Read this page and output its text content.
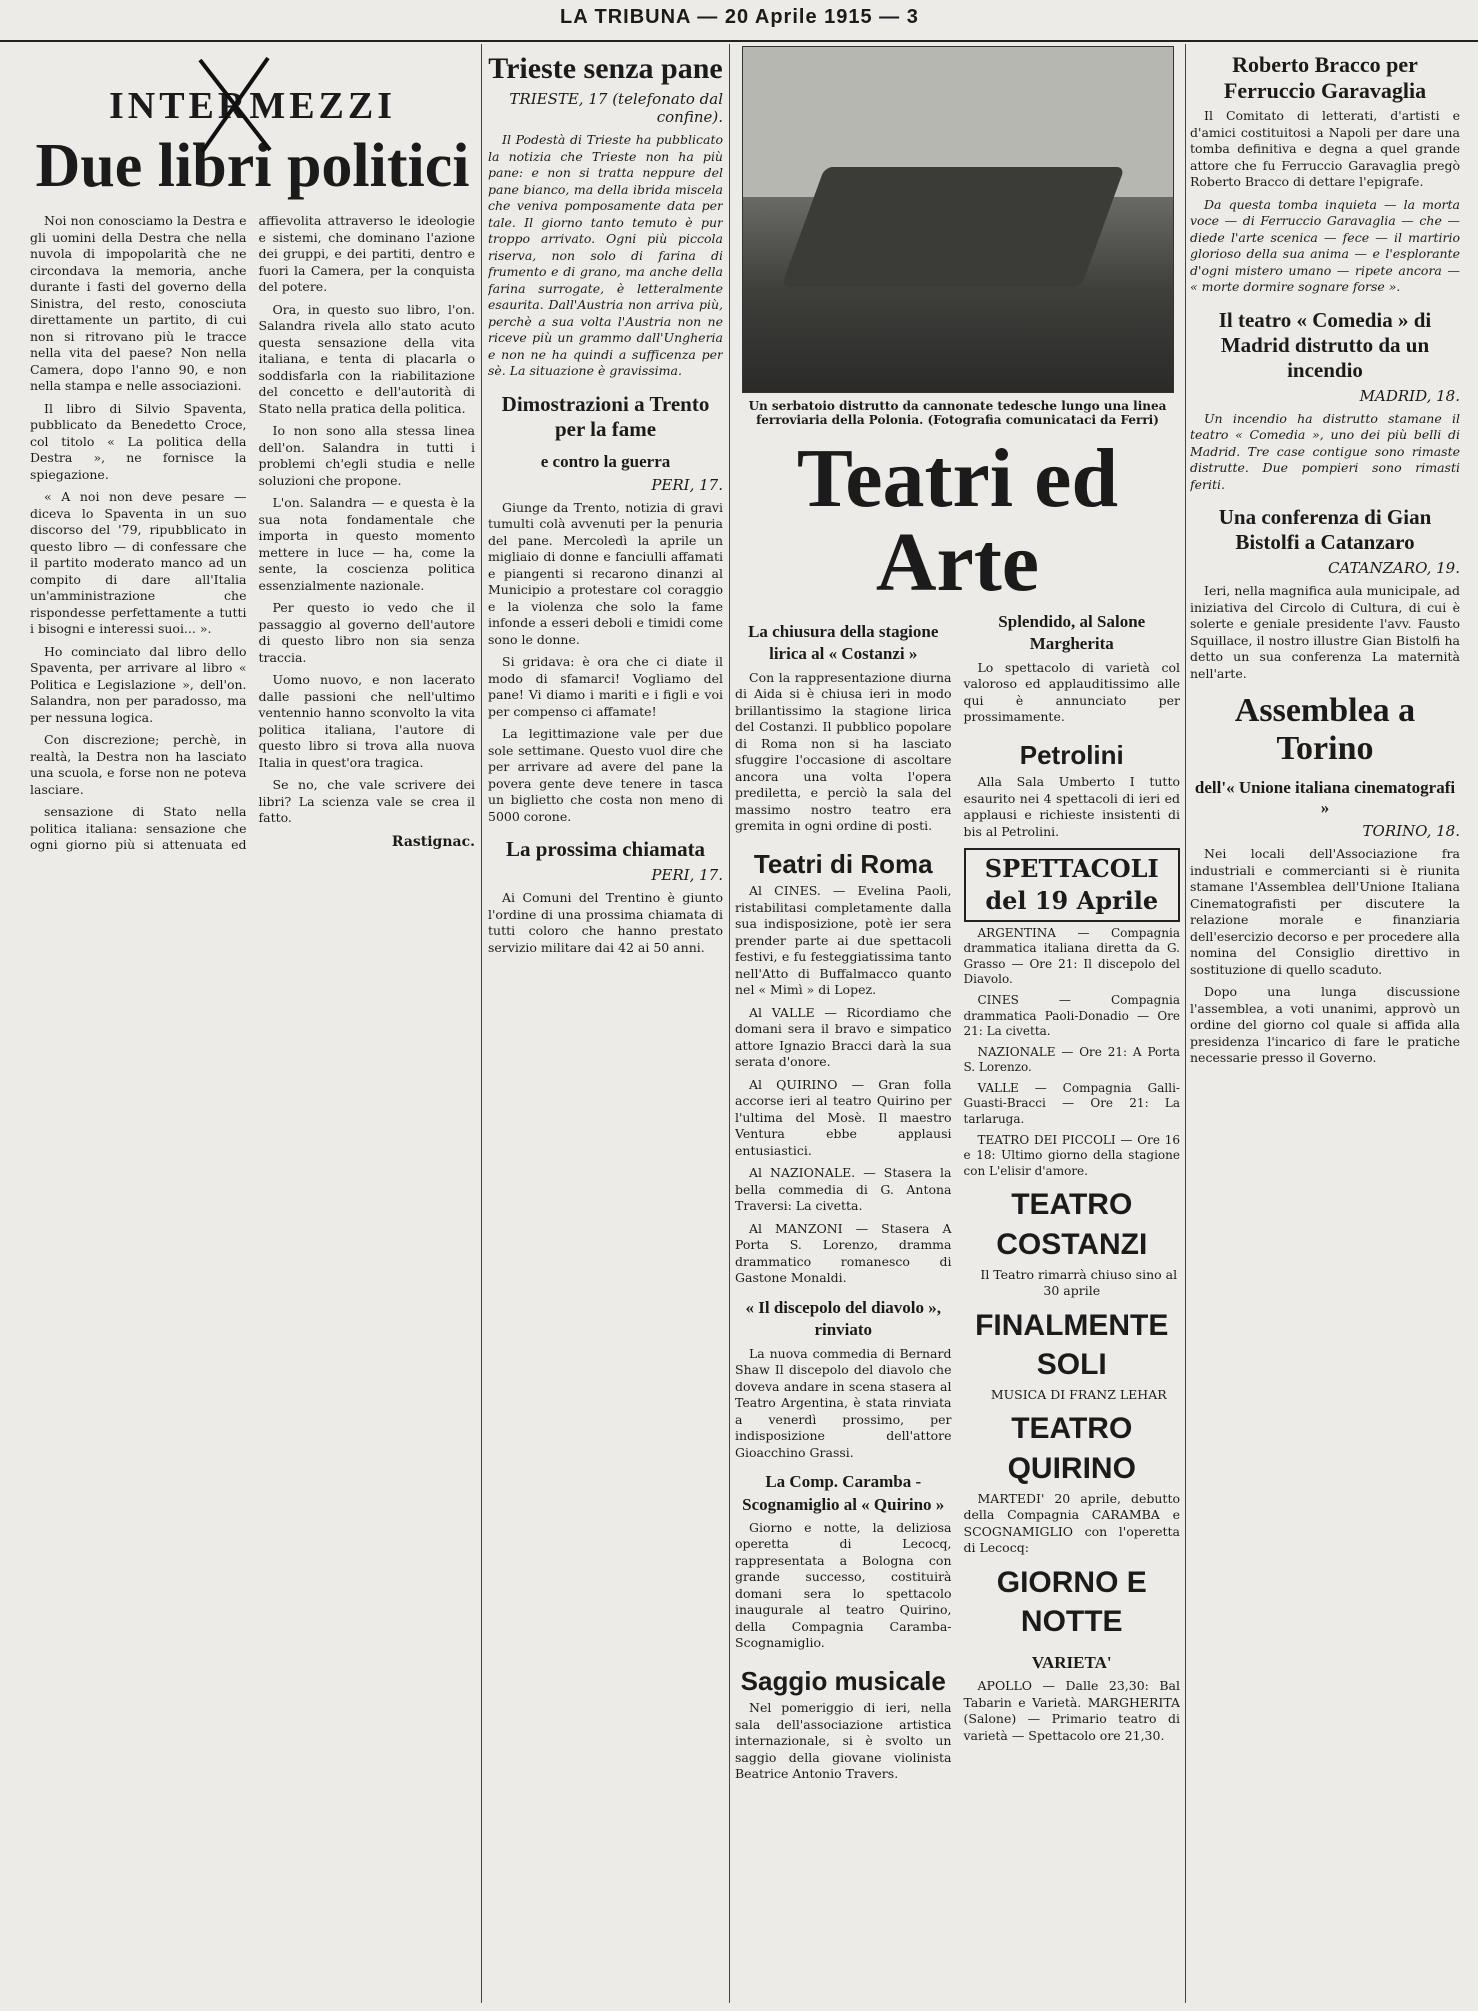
LA TRIBUNA — 20 Aprile 1915 — 3
INTERMEZZI
Due libri politici

Noi non conosciamo la Destra e gli uomini della Destra che nella nuvola di impopolarità che ne circondava la memoria, anche durante i fasti del governo della Sinistra, del resto, conosciuta direttamente un partito, di cui non si ritrovano più le tracce nella vita del paese? Non nella Camera, dopo l'anno 90, e non nella stampa e nelle associazioni.

Il libro di Silvio Spaventa, pubblicato da Benedetto Croce, col titolo « La politica della Destra », ne fornisce la spiegazione.

« A noi non deve pesare — diceva lo Spaventa in un suo discorso del '79, ripubblicato in questo libro — di confessare che il partito moderato manco ad un compito di dare all'Italia un'amministrazione che rispondesse perfettamente a tutti i bisogni e interessi suoi... ».

Ho cominciato dal libro dello Spaventa, per arrivare al libro « Politica e Legislazione », dell'on. Salandra, non per paradosso, ma per nessuna logica.

Con discrezione; perchè, in realtà, la Destra non ha lasciato una scuola, e forse non ne poteva lasciare.

sensazione di Stato nella politica italiana: sensazione che ogni giorno più si attenuata ed affievolita attraverso le ideologie e sistemi, che dominano l'azione dei gruppi, e dei partiti, dentro e fuori la Camera, per la conquista del potere.

Ora, in questo suo libro, l'on. Salandra rivela allo stato acuto questa sensazione della vita italiana, e tenta di placarla o soddisfarla con la riabilitazione del concetto e dell'autorità di Stato nella pratica della politica.

Io non sono alla stessa linea dell'on. Salandra in tutti i problemi ch'egli studia e nelle soluzioni che propone.

L'on. Salandra — e questa è la sua nota fondamentale che importa in questo momento mettere in luce — ha, come la sente, la coscienza politica essenzialmente nazionale.

Per questo io vedo che il passaggio al governo dell'autore di questo libro non sia senza traccia.

Uomo nuovo, e non lacerato dalle passioni che nell'ultimo ventennio hanno sconvolto la vita politica italiana, l'autore di questo libro si trova alla nuova Italia in quest'ora tragica.

Se no, che vale scrivere dei libri? La scienza vale se crea il fatto.

Rastignac.
Trieste senza pane
TRIESTE, 17 (telefonato dal confine).

Il Podestà di Trieste ha pubblicato la notizia che Trieste non ha più pane: e non si tratta neppure del pane bianco, ma della ibrida miscela che veniva pomposamente data per tale. Il giorno tanto temuto è pur troppo arrivato. Ogni più piccola riserva, non solo di farina di frumento e di grano, ma anche della farina surrogate, è letteralmente esaurita. Dall'Austria non arriva più, perchè a sua volta l'Austria non ne riceve più un grammo dall'Ungheria e non ne ha quindi a sufficenza per sè. La situazione è gravissima.

Dimostrazioni a Trento per la fame
e contro la guerra
PERI, 17.

Giunge da Trento, notizia di gravi tumulti colà avvenuti per la penuria del pane. Mercoledì la aprile un migliaio di donne e fanciulli affamati e piangenti si recarono dinanzi al Municipio a protestare col coraggio e la violenza che solo la fame infonde a esseri deboli e timidi come sono le donne.

Si gridava: è ora che ci diate il modo di sfamarci! Vogliamo del pane! Vi diamo i mariti e i figli e voi per compenso ci affamate!

La legittimazione vale per due sole settimane. Questo vuol dire che per arrivare ad avere del pane la povera gente deve tenere in tasca un biglietto che costa non meno di 5000 corone.

La prossima chiamata
PERI, 17.

Ai Comuni del Trentino è giunto l'ordine di una prossima chiamata di tutti coloro che hanno prestato servizio militare dai 42 ai 50 anni.

Un serbatoio distrutto da cannonate tedesche lungo una linea ferroviaria della Polonia. (Fotografia comunicataci da Ferri)
Teatri ed Arte
La chiusura della stagione lirica al « Costanzi »

Con la rappresentazione diurna di Aida si è chiusa ieri in modo brillantissimo la stagione lirica del Costanzi. Il pubblico popolare di Roma non si ha lasciato sfuggire l'occasione di ascoltare ancora una volta l'opera prediletta, e perciò la sala del massimo nostro teatro era gremita in ogni ordine di posti.

Teatri di Roma

Al CINES. — Evelina Paoli, ristabilitasi completamente dalla sua indisposizione, potè ier sera prender parte ai due spettacoli festivi, e fu festeggiatissima tanto nell'Atto di Buffalmacco quanto nel « Mimì » di Lopez.

Al VALLE — Ricordiamo che domani sera il bravo e simpatico attore Ignazio Bracci darà la sua serata d'onore.

Al QUIRINO — Gran folla accorse ieri al teatro Quirino per l'ultima del Mosè. Il maestro Ventura ebbe applausi entusiastici.

Al NAZIONALE. — Stasera la bella commedia di G. Antona Traversi: La civetta.

Al MANZONI — Stasera A Porta S. Lorenzo, dramma drammatico romanesco di Gastone Monaldi.

« Il discepolo del diavolo », rinviato

La nuova commedia di Bernard Shaw Il discepolo del diavolo che doveva andare in scena stasera al Teatro Argentina, è stata rinviata a venerdì prossimo, per indisposizione dell'attore Gioacchino Grassi.

La Comp. Caramba - Scognamiglio al « Quirino »

Giorno e notte, la deliziosa operetta di Lecocq, rappresentata a Bologna con grande successo, costituirà domani sera lo spettacolo inaugurale al teatro Quirino, della Compagnia Caramba-Scognamiglio.

Saggio musicale

Nel pomeriggio di ieri, nella sala dell'associazione artistica internazionale, si è svolto un saggio della giovane violinista Beatrice Antonio Travers.

Splendido, al Salone Margherita

Lo spettacolo di varietà col valoroso ed applauditissimo alle qui è annunciato per prossimamente.

Petrolini

Alla Sala Umberto I tutto esaurito nei 4 spettacoli di ieri ed applausi e richieste insistenti di bis al Petrolini.

SPETTACOLI del 19 Aprile

ARGENTINA — Compagnia drammatica italiana diretta da G. Grasso — Ore 21: Il discepolo del Diavolo.

CINES — Compagnia drammatica Paoli-Donadio — Ore 21: La civetta.

NAZIONALE — Ore 21: A Porta S. Lorenzo.

VALLE — Compagnia Galli-Guasti-Bracci — Ore 21: La tarlaruga.

TEATRO DEI PICCOLI — Ore 16 e 18: Ultimo giorno della stagione con L'elisir d'amore.

TEATRO COSTANZI

Il Teatro rimarrà chiuso sino al 30 aprile

FINALMENTE SOLI

MUSICA DI FRANZ LEHAR

TEATRO QUIRINO

MARTEDI' 20 aprile, debutto della Compagnia CARAMBA e SCOGNAMIGLIO con l'operetta di Lecocq:

GIORNO E NOTTE
VARIETA'

APOLLO — Dalle 23,30: Bal Tabarin e Varietà. MARGHERITA (Salone) — Primario teatro di varietà — Spettacolo ore 21,30.

Roberto Bracco per Ferruccio Garavaglia

Il Comitato di letterati, d'artisti e d'amici costituitosi a Napoli per dare una tomba definitiva e degna a quel grande attore che fu Ferruccio Garavaglia pregò Roberto Bracco di dettare l'epigrafe.

Da questa tomba inquieta — la morta voce — di Ferruccio Garavaglia — che — diede l'arte scenica — fece — il martirio glorioso della sua anima — e l'esplorante d'ogni mistero umano — ripete ancora — « morte dormire sognare forse ».

Il teatro « Comedia » di Madrid distrutto da un incendio
MADRID, 18.

Un incendio ha distrutto stamane il teatro « Comedia », uno dei più belli di Madrid. Tre case contigue sono rimaste distrutte. Due pompieri sono rimasti feriti.

Una conferenza di Gian Bistolfi a Catanzaro
CATANZARO, 19.

Ieri, nella magnifica aula municipale, ad iniziativa del Circolo di Cultura, di cui è solerte e geniale presidente l'avv. Fausto Squillace, il nostro illustre Gian Bistolfi ha detto un sua conferenza La maternità nell'arte.

Assemblea a Torino
dell'« Unione italiana cinematografi »
TORINO, 18.

Nei locali dell'Associazione fra industriali e commercianti si è riunita stamane l'Assemblea dell'Unione Italiana Cinematografisti per discutere la relazione morale e finanziaria dell'esercizio decorso e per procedere alla nomina del Consiglio direttivo in sostituzione di quello scaduto.

Dopo una lunga discussione l'assemblea, a voti unanimi, approvò un ordine del giorno col quale si affida alla presidenza l'incarico di fare le pratiche necessarie presso il Governo.
